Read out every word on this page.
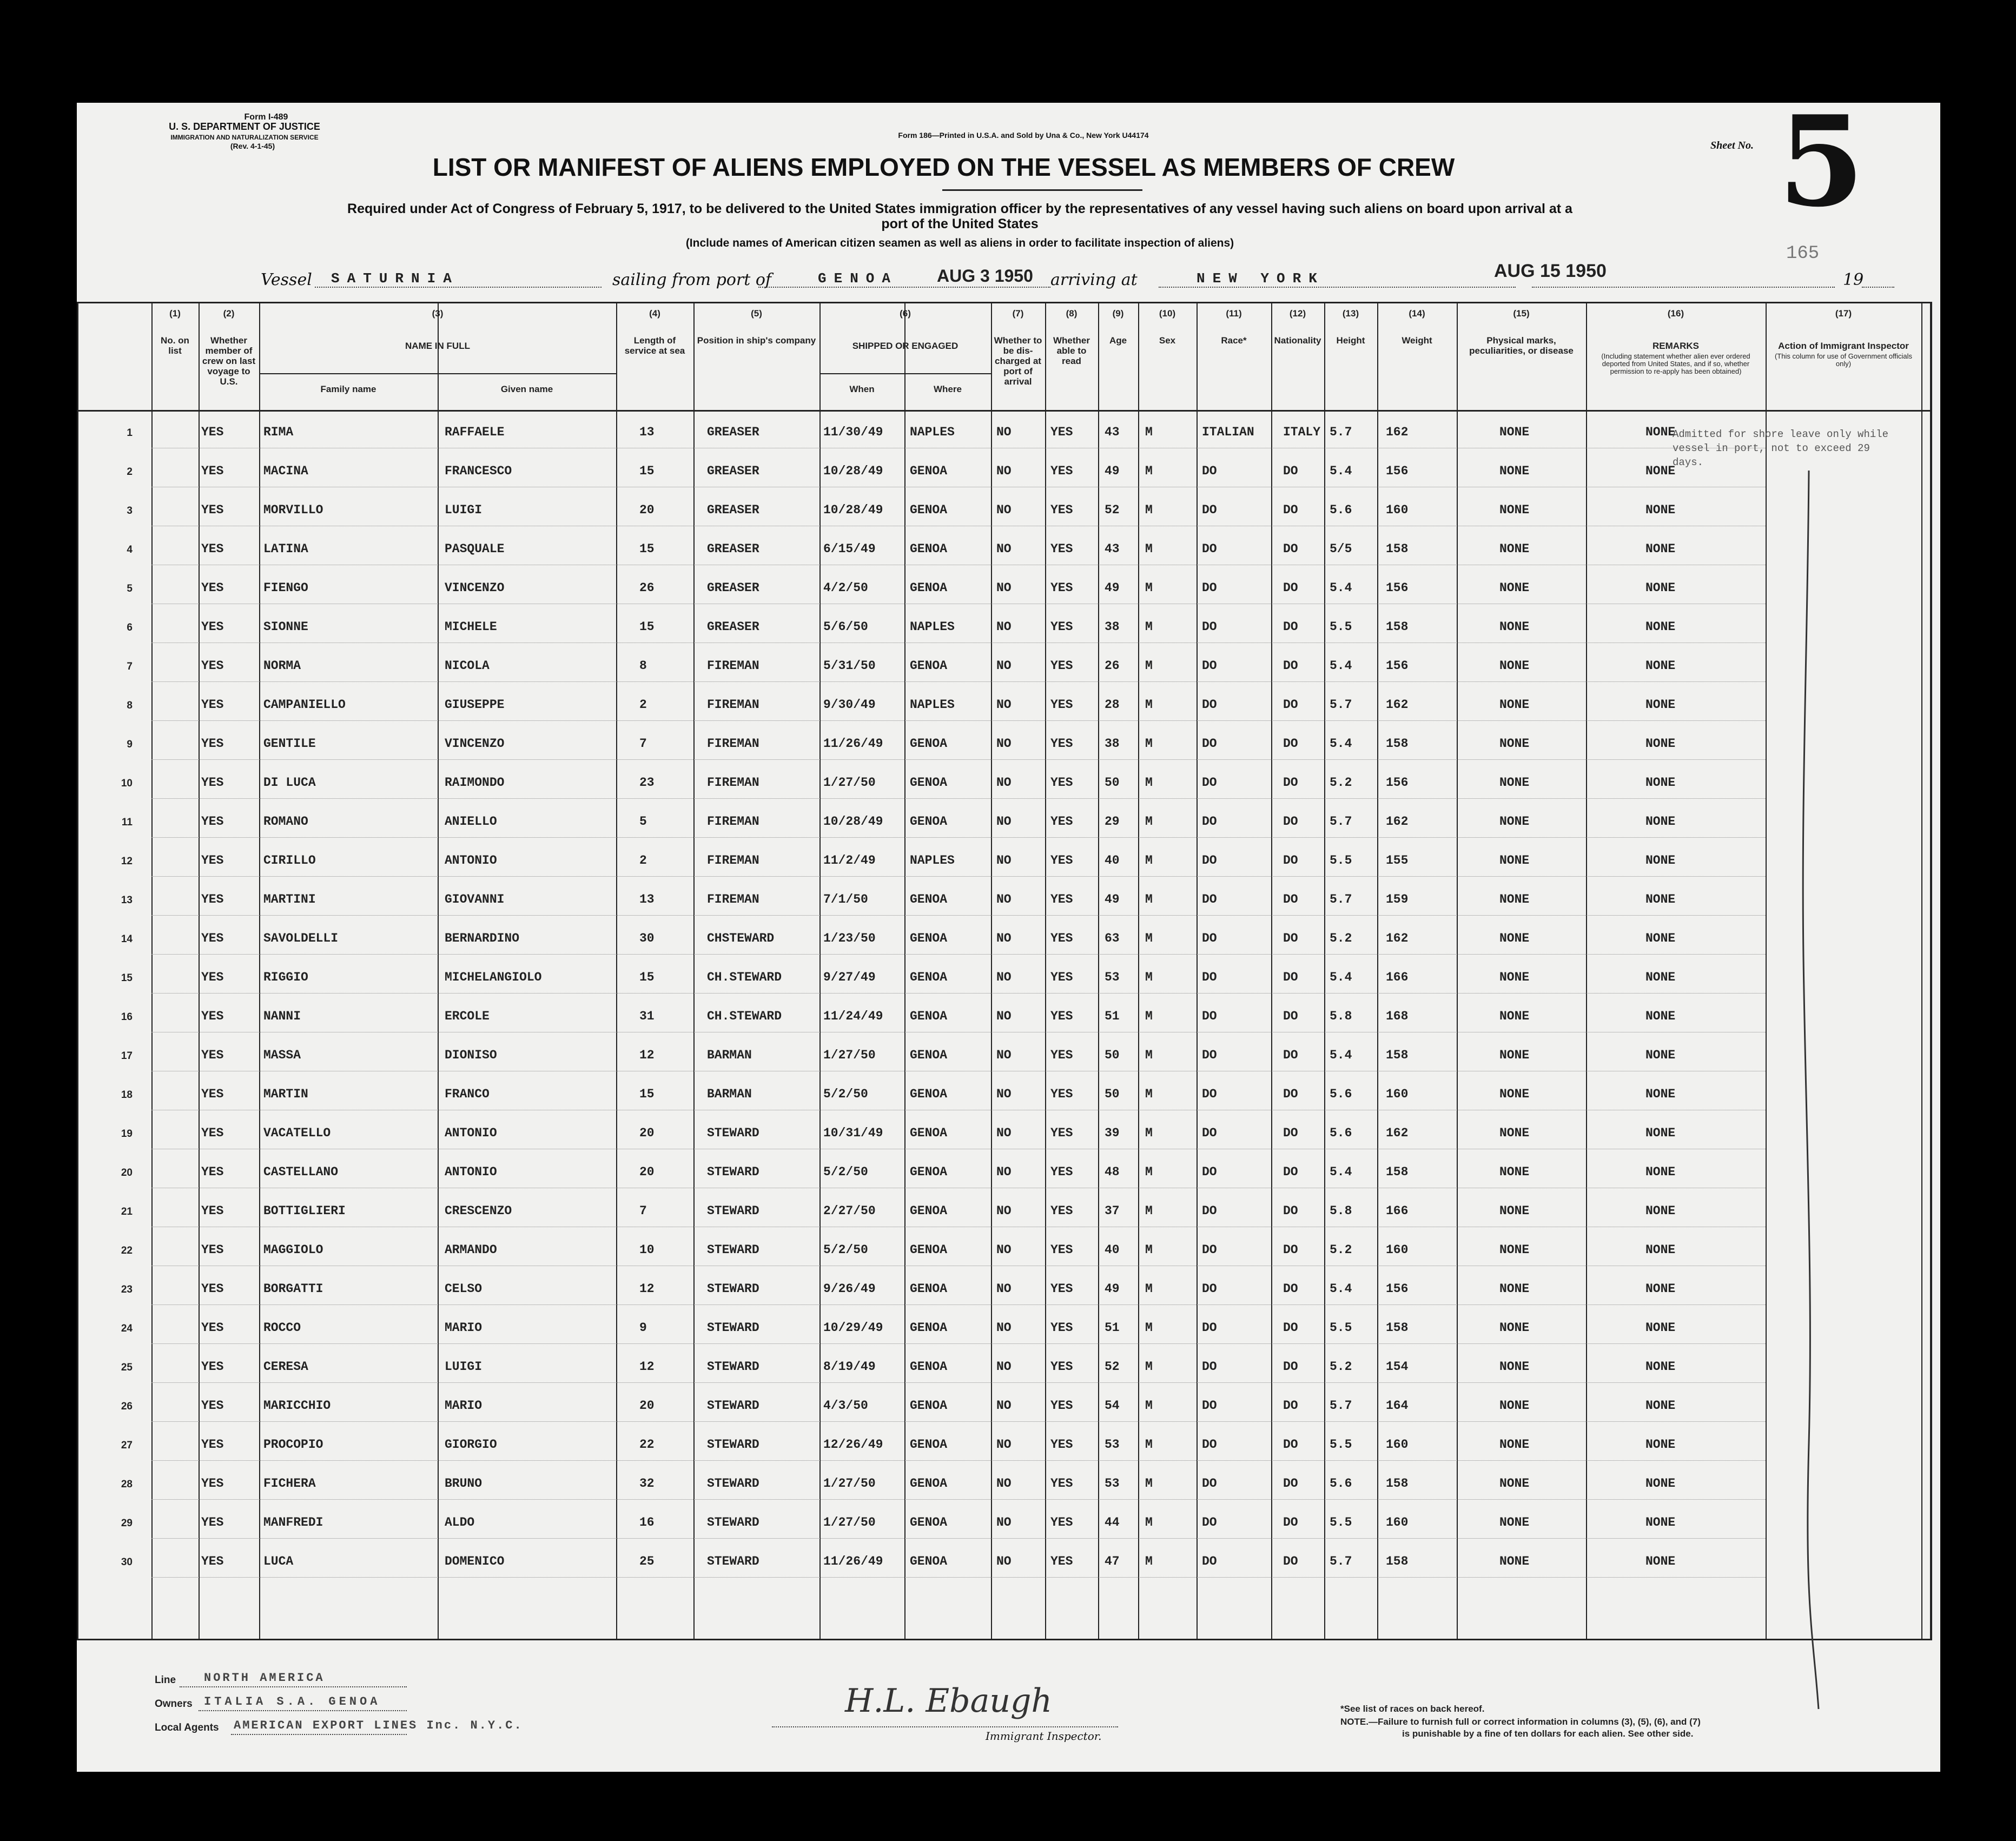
Form I-489
U. S. DEPARTMENT OF JUSTICE
IMMIGRATION AND NATURALIZATION SERVICE
(Rev. 4-1-45)
Form 186—Printed in U.S.A. and Sold by Una & Co., New York U44174
Sheet No. 5
165
LIST OR MANIFEST OF ALIENS EMPLOYED ON THE VESSEL AS MEMBERS OF CREW
Required under Act of Congress of February 5, 1917, to be delivered to the United States immigration officer by the representatives of any vessel having such aliens on board upon arrival at a
port of the United States
(Include names of American citizen seamen as well as aliens in order to facilitate inspection of aliens)
Vessel SATURNIA	sailing from port of	GENOA AUG 3 1950 arriving at	NEW YORK	AUG 15 1950	19
(1)
No. on list
(2)
Whether member of crew on last voyage to U.S.
(3)
NAME IN FULL
Family name	Given name
(4)
Length of service at sea
(5)
Position in ship's company
(6)
SHIPPED OR ENGAGED
When	Where
(7)
Whether to be dis-charged at port of arrival
(8)
Whether able to read
(9)
Age
(10)
Sex
(11)
Race*
(12)
Nationality
(13)
Height
(14)
Weight
(15)
Physical marks, peculiarities, or disease
(16)
REMARKS
(Including statement whether alien ever ordered deported from United States, and if so, whether permission to re-apply has been obtained)
(17)
Action of Immigrant Inspector
(This column for use of Government officials only)
1	YES	RIMA	RAFFAELE	13	GREASER	11/30/49 NAPLES	NO	YES	43 M	ITALIAN ITALY 5.7	162	NONE	NONE
2	YES	MACINA	FRANCESCO	15	GREASER	10/28/49 GENOA	NO	YES	49 M	DO	DO	5.4	156	NONE	NONE
3	YES	MORVILLO	LUIGI	20	GREASER	10/28/49 GENOA	NO	YES	52 M	DO	DO	5.6	160	NONE	NONE
4	YES	LATINA	PASQUALE	15	GREASER	6/15/49	GENOA	NO	YES	43 M	DO	DO	5/5	158	NONE	NONE
5	YES	FIENGO	VINCENZO	26	GREASER	4/2/50	GENOA	NO	YES	49 M	DO	DO	5.4	156	NONE	NONE
6	YES	SIONNE	MICHELE	15	GREASER	5/6/50	NAPLES	NO	YES	38 M	DO	DO	5.5	158	NONE	NONE
7	YES	NORMA	NICOLA	8	FIREMAN	5/31/50	GENOA	NO	YES	26 M	DO	DO	5.4	156	NONE	NONE
8	YES	CAMPANIELLO	GIUSEPPE	2	FIREMAN	9/30/49	NAPLES	NO	YES	28 M	DO	DO	5.7	162	NONE	NONE
9	YES	GENTILE	VINCENZO	7	FIREMAN	11/26/49 GENOA	NO	YES	38 M	DO	DO	5.4	158	NONE	NONE
10	YES	DI LUCA	RAIMONDO	23	FIREMAN	1/27/50	GENOA	NO	YES	50 M	DO	DO	5.2	156	NONE	NONE
11	YES	ROMANO	ANIELLO	5	FIREMAN	10/28/49 GENOA	NO	YES	29 M	DO	DO	5.7	162	NONE	NONE
12	YES	CIRILLO	ANTONIO	2	FIREMAN	11/2/49	NAPLES	NO	YES	40 M	DO	DO	5.5	155	NONE	NONE
13	YES	MARTINI	GIOVANNI	13	FIREMAN	7/1/50	GENOA	NO	YES	49 M	DO	DO	5.7	159	NONE	NONE
14	YES	SAVOLDELLI	BERNARDINO	30	CHSTEWARD	1/23/50	GENOA	NO	YES	63 M	DO	DO	5.2	162	NONE	NONE
15	YES	RIGGIO	MICHELANGIOLO	15	CH.STEWARD	9/27/49	GENOA	NO	YES	53 M	DO	DO	5.4	166	NONE	NONE
16	YES	NANNI	ERCOLE	31	CH.STEWARD	11/24/49 GENOA	NO	YES	51 M	DO	DO	5.8	168	NONE	NONE
17	YES	MASSA	DIONISO	12	BARMAN	1/27/50	GENOA	NO	YES	50 M	DO	DO	5.4	158	NONE	NONE
18	YES	MARTIN	FRANCO	15	BARMAN	5/2/50	GENOA	NO	YES	50 M	DO	DO	5.6	160	NONE	NONE
19	YES	VACATELLO	ANTONIO	20	STEWARD	10/31/49 GENOA	NO	YES	39 M	DO	DO	5.6	162	NONE	NONE
20	YES	CASTELLANO	ANTONIO	20	STEWARD	5/2/50	GENOA	NO	YES	48 M	DO	DO	5.4	158	NONE	NONE
21	YES	BOTTIGLIERI	CRESCENZO	7	STEWARD	2/27/50	GENOA	NO	YES	37 M	DO	DO	5.8	166	NONE	NONE
22	YES	MAGGIOLO	ARMANDO	10	STEWARD	5/2/50	GENOA	NO	YES	40 M	DO	DO	5.2	160	NONE	NONE
23	YES	BORGATTI	CELSO	12	STEWARD	9/26/49	GENOA	NO	YES	49 M	DO	DO	5.4	156	NONE	NONE
24	YES	ROCCO	MARIO	9	STEWARD	10/29/49 GENOA	NO	YES	51 M	DO	DO	5.5	158	NONE	NONE
25	YES	CERESA	LUIGI	12	STEWARD	8/19/49	GENOA	NO	YES	52 M	DO	DO	5.2	154	NONE	NONE
26	YES	MARICCHIO	MARIO	20	STEWARD	4/3/50	GENOA	NO	YES	54 M	DO	DO	5.7	164	NONE	NONE
27	YES	PROCOPIO	GIORGIO	22	STEWARD	12/26/49 GENOA	NO	YES	53 M	DO	DO	5.5	160	NONE	NONE
28	YES	FICHERA	BRUNO	32	STEWARD	1/27/50	GENOA	NO	YES	53 M	DO	DO	5.6	158	NONE	NONE
29	YES	MANFREDI	ALDO	16	STEWARD	1/27/50	GENOA	NO	YES	44 M	DO	DO	5.5	160	NONE	NONE
30	YES	LUCA	DOMENICO	25	STEWARD	11/26/49 GENOA	NO	YES	47 M	DO	DO	5.7	158	NONE	NONE
Admitted for shore leave only while vessel in port, not to exceed 29 days.
Line NORTH AMERICA
Owners ITALIA S.A. GENOA
Local Agents AMERICAN EXPORT LINES Inc. N.Y.C.
H.L. Ebaugh
Immigrant Inspector.
*See list of races on back hereof.
NOTE.—Failure to furnish full or correct information in columns (3), (5), (6), and (7)
is punishable by a fine of ten dollars for each alien. See other side.
